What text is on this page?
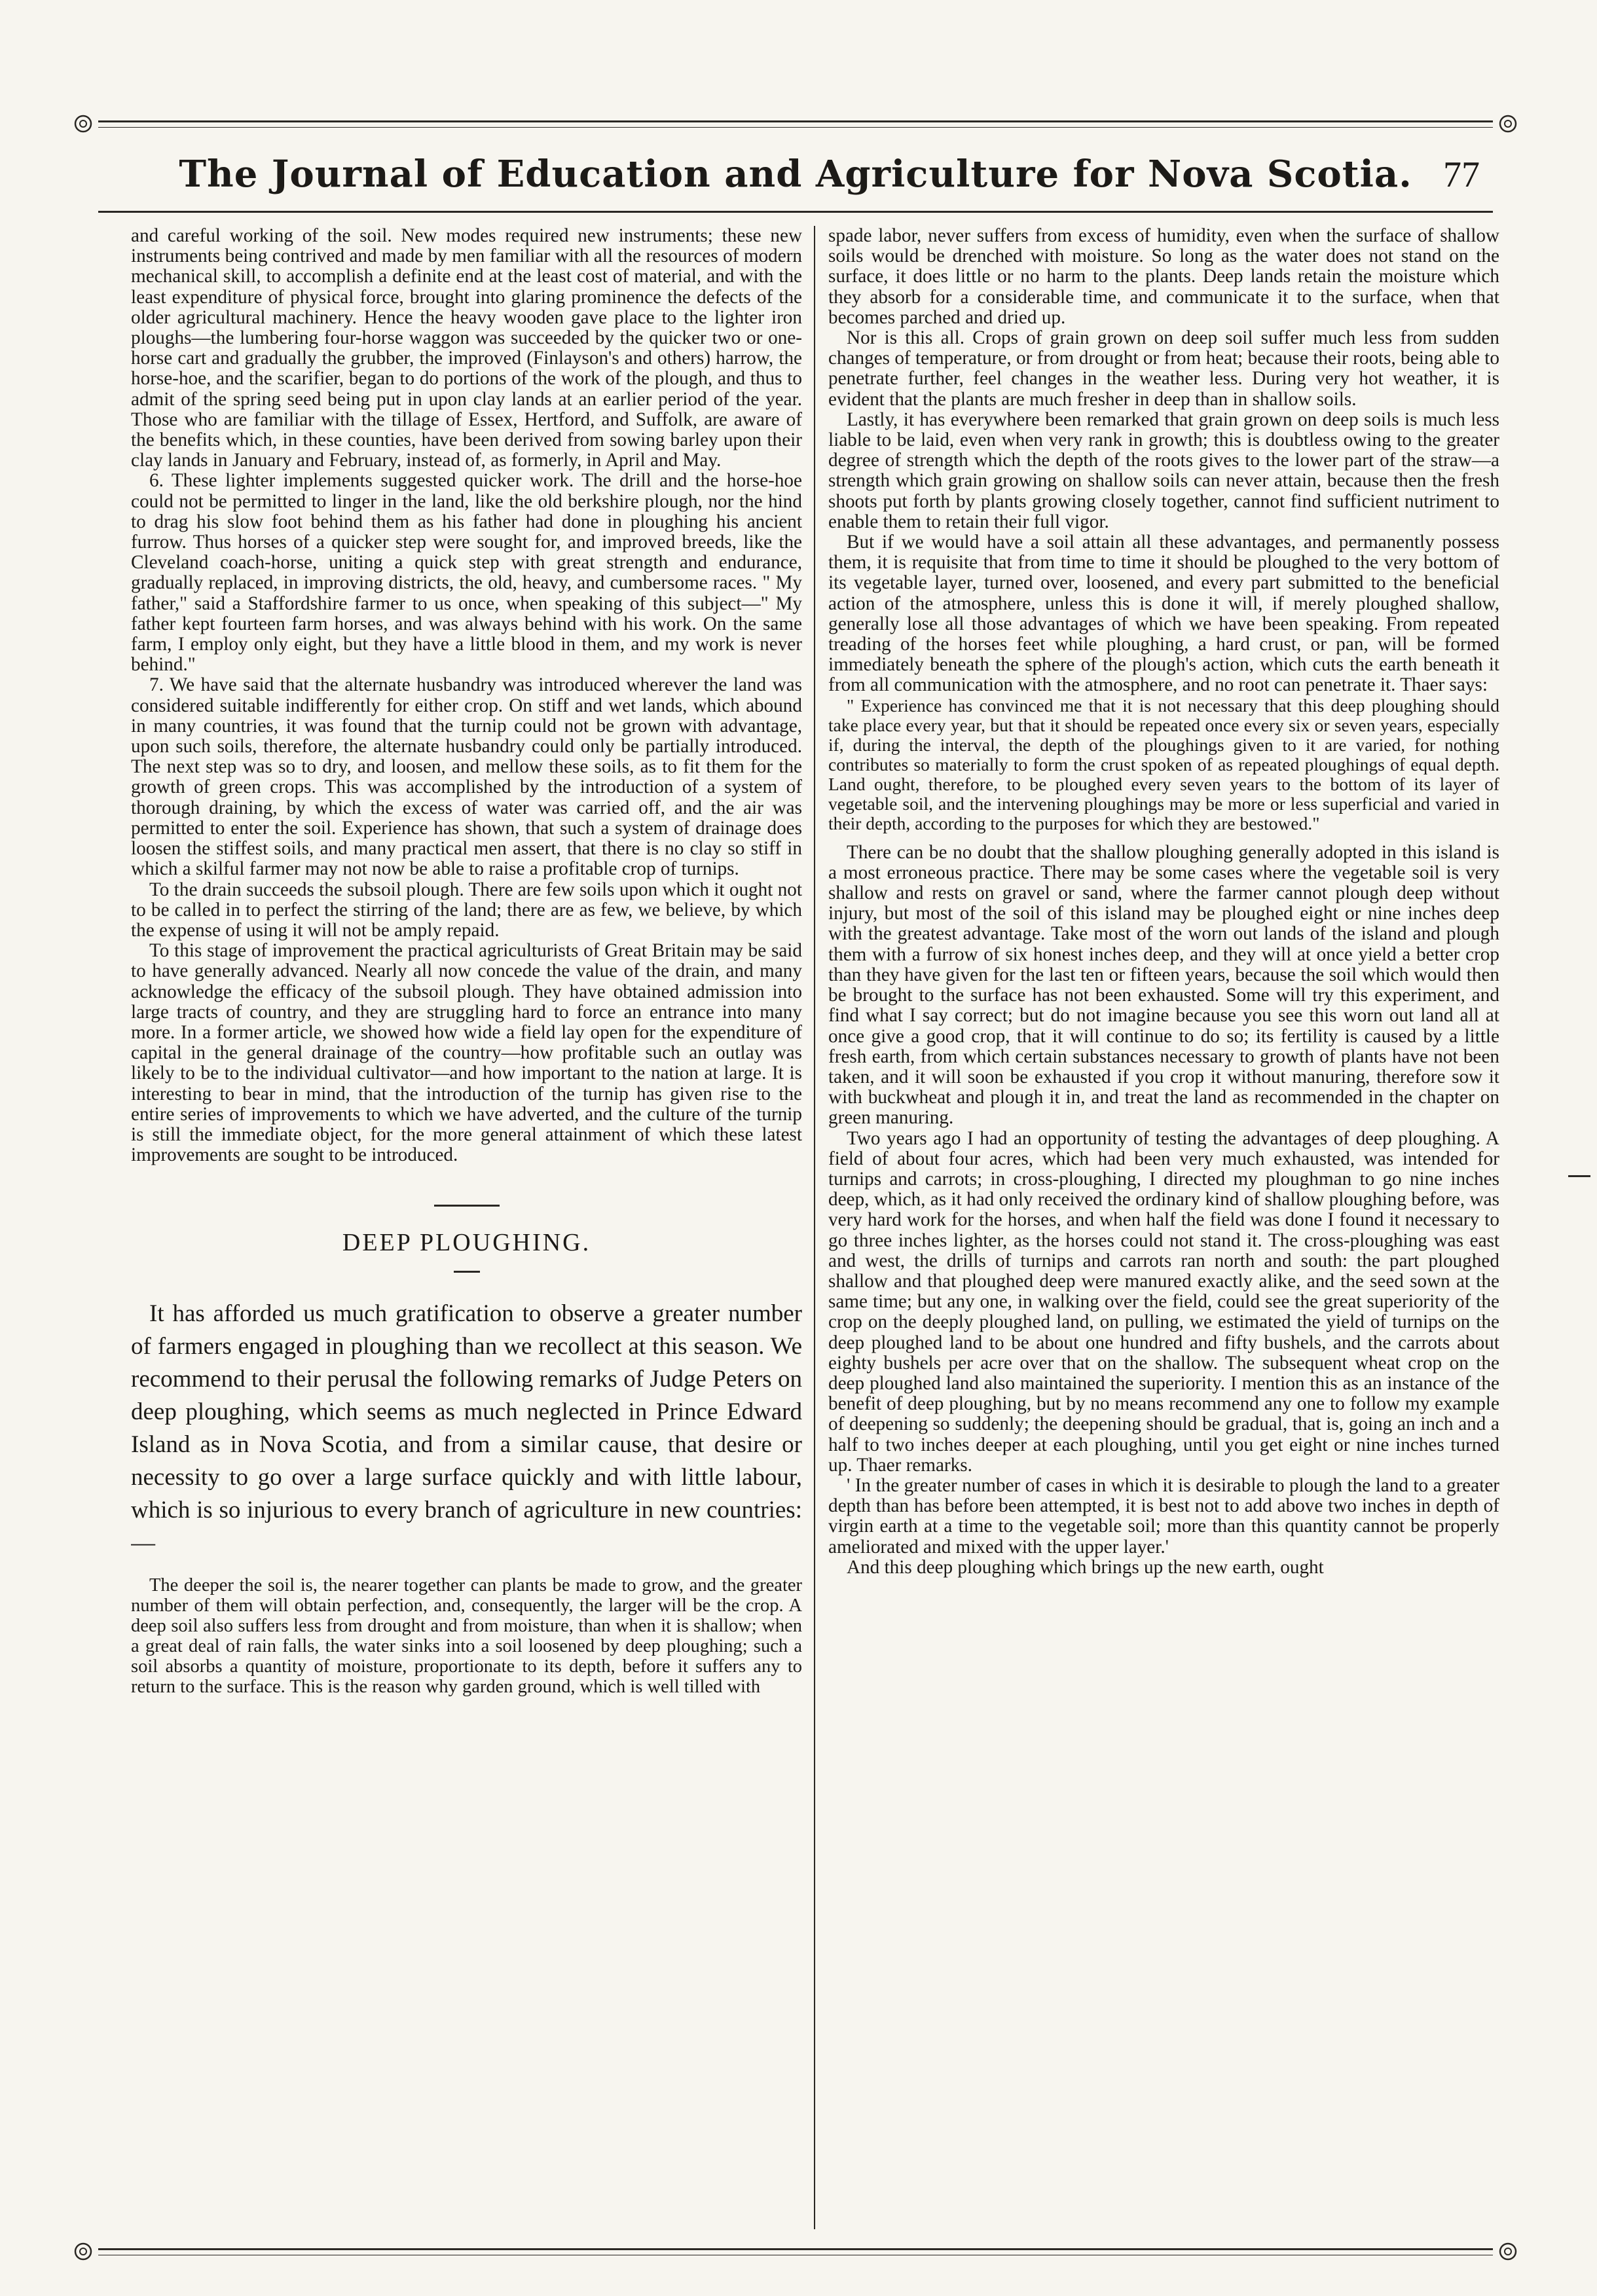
The Journal of Education and Agriculture for Nova Scotia. 77

and careful working of the soil. New modes required new instruments; these new instruments being contrived and made by men familiar with all the resources of modern mechanical skill, to accomplish a definite end at the least cost of material, and with the least expenditure of physical force, brought into glaring prominence the defects of the older agricultural machinery. Hence the heavy wooden gave place to the lighter iron ploughs—the lumbering four-horse waggon was succeeded by the quicker two or one-horse cart and gradually the grubber, the improved (Finlayson's and others) harrow, the horse-hoe, and the scarifier, began to do portions of the work of the plough, and thus to admit of the spring seed being put in upon clay lands at an earlier period of the year. Those who are familiar with the tillage of Essex, Hertford, and Suffolk, are aware of the benefits which, in these counties, have been derived from sowing barley upon their clay lands in January and February, instead of, as formerly, in April and May.

6. These lighter implements suggested quicker work. The drill and the horse-hoe could not be permitted to linger in the land, like the old berkshire plough, nor the hind to drag his slow foot behind them as his father had done in ploughing his ancient furrow. Thus horses of a quicker step were sought for, and improved breeds, like the Cleveland coach-horse, uniting a quick step with great strength and endurance, gradually replaced, in improving districts, the old, heavy, and cumbersome races. " My father," said a Staffordshire farmer to us once, when speaking of this subject—" My father kept fourteen farm horses, and was always behind with his work. On the same farm, I employ only eight, but they have a little blood in them, and my work is never behind."

7. We have said that the alternate husbandry was introduced wherever the land was considered suitable indifferently for either crop. On stiff and wet lands, which abound in many countries, it was found that the turnip could not be grown with advantage, upon such soils, therefore, the alternate husbandry could only be partially introduced. The next step was so to dry, and loosen, and mellow these soils, as to fit them for the growth of green crops. This was accomplished by the introduction of a system of thorough draining, by which the excess of water was carried off, and the air was permitted to enter the soil. Experience has shown, that such a system of drainage does loosen the stiffest soils, and many practical men assert, that there is no clay so stiff in which a skilful farmer may not now be able to raise a profitable crop of turnips.

To the drain succeeds the subsoil plough. There are few soils upon which it ought not to be called in to perfect the stirring of the land; there are as few, we believe, by which the expense of using it will not be amply repaid.

To this stage of improvement the practical agriculturists of Great Britain may be said to have generally advanced. Nearly all now concede the value of the drain, and many acknowledge the efficacy of the subsoil plough. They have obtained admission into large tracts of country, and they are struggling hard to force an entrance into many more. In a former article, we showed how wide a field lay open for the expenditure of capital in the general drainage of the country—how profitable such an outlay was likely to be to the individual cultivator—and how important to the nation at large. It is interesting to bear in mind, that the introduction of the turnip has given rise to the entire series of improvements to which we have adverted, and the culture of the turnip is still the immediate object, for the more general attainment of which these latest improvements are sought to be introduced.

DEEP PLOUGHING.

It has afforded us much gratification to observe a greater number of farmers engaged in ploughing than we recollect at this season. We recommend to their perusal the following remarks of Judge Peters on deep ploughing, which seems as much neglected in Prince Edward Island as in Nova Scotia, and from a similar cause, that desire or necessity to go over a large surface quickly and with little labour, which is so injurious to every branch of agriculture in new countries:—

The deeper the soil is, the nearer together can plants be made to grow, and the greater number of them will obtain perfection, and, consequently, the larger will be the crop. A deep soil also suffers less from drought and from moisture, than when it is shallow; when a great deal of rain falls, the water sinks into a soil loosened by deep ploughing; such a soil absorbs a quantity of moisture, proportionate to its depth, before it suffers any to return to the surface. This is the reason why garden ground, which is well tilled with

spade labor, never suffers from excess of humidity, even when the surface of shallow soils would be drenched with moisture. So long as the water does not stand on the surface, it does little or no harm to the plants. Deep lands retain the moisture which they absorb for a considerable time, and communicate it to the surface, when that becomes parched and dried up.

Nor is this all. Crops of grain grown on deep soil suffer much less from sudden changes of temperature, or from drought or from heat; because their roots, being able to penetrate further, feel changes in the weather less. During very hot weather, it is evident that the plants are much fresher in deep than in shallow soils.

Lastly, it has everywhere been remarked that grain grown on deep soils is much less liable to be laid, even when very rank in growth; this is doubtless owing to the greater degree of strength which the depth of the roots gives to the lower part of the straw—a strength which grain growing on shallow soils can never attain, because then the fresh shoots put forth by plants growing closely together, cannot find sufficient nutriment to enable them to retain their full vigor.

But if we would have a soil attain all these advantages, and permanently possess them, it is requisite that from time to time it should be ploughed to the very bottom of its vegetable layer, turned over, loosened, and every part submitted to the beneficial action of the atmosphere, unless this is done it will, if merely ploughed shallow, generally lose all those advantages of which we have been speaking. From repeated treading of the horses feet while ploughing, a hard crust, or pan, will be formed immediately beneath the sphere of the plough's action, which cuts the earth beneath it from all communication with the atmosphere, and no root can penetrate it. Thaer says:

" Experience has convinced me that it is not necessary that this deep ploughing should take place every year, but that it should be repeated once every six or seven years, especially if, during the interval, the depth of the ploughings given to it are varied, for nothing contributes so materially to form the crust spoken of as repeated ploughings of equal depth. Land ought, therefore, to be ploughed every seven years to the bottom of its layer of vegetable soil, and the intervening ploughings may be more or less superficial and varied in their depth, according to the purposes for which they are bestowed."

There can be no doubt that the shallow ploughing generally adopted in this island is a most erroneous practice. There may be some cases where the vegetable soil is very shallow and rests on gravel or sand, where the farmer cannot plough deep without injury, but most of the soil of this island may be ploughed eight or nine inches deep with the greatest advantage. Take most of the worn out lands of the island and plough them with a furrow of six honest inches deep, and they will at once yield a better crop than they have given for the last ten or fifteen years, because the soil which would then be brought to the surface has not been exhausted. Some will try this experiment, and find what I say correct; but do not imagine because you see this worn out land all at once give a good crop, that it will continue to do so; its fertility is caused by a little fresh earth, from which certain substances necessary to growth of plants have not been taken, and it will soon be exhausted if you crop it without manuring, therefore sow it with buckwheat and plough it in, and treat the land as recommended in the chapter on green manuring.

Two years ago I had an opportunity of testing the advantages of deep ploughing. A field of about four acres, which had been very much exhausted, was intended for turnips and carrots; in cross-ploughing, I directed my ploughman to go nine inches deep, which, as it had only received the ordinary kind of shallow ploughing before, was very hard work for the horses, and when half the field was done I found it necessary to go three inches lighter, as the horses could not stand it. The cross-ploughing was east and west, the drills of turnips and carrots ran north and south: the part ploughed shallow and that ploughed deep were manured exactly alike, and the seed sown at the same time; but any one, in walking over the field, could see the great superiority of the crop on the deeply ploughed land, on pulling, we estimated the yield of turnips on the deep ploughed land to be about one hundred and fifty bushels, and the carrots about eighty bushels per acre over that on the shallow. The subsequent wheat crop on the deep ploughed land also maintained the superiority. I mention this as an instance of the benefit of deep ploughing, but by no means recommend any one to follow my example of deepening so suddenly; the deepening should be gradual, that is, going an inch and a half to two inches deeper at each ploughing, until you get eight or nine inches turned up. Thaer remarks.

' In the greater number of cases in which it is desirable to plough the land to a greater depth than has before been attempted, it is best not to add above two inches in depth of virgin earth at a time to the vegetable soil; more than this quantity cannot be properly ameliorated and mixed with the upper layer.'

And this deep ploughing which brings up the new earth, ought
